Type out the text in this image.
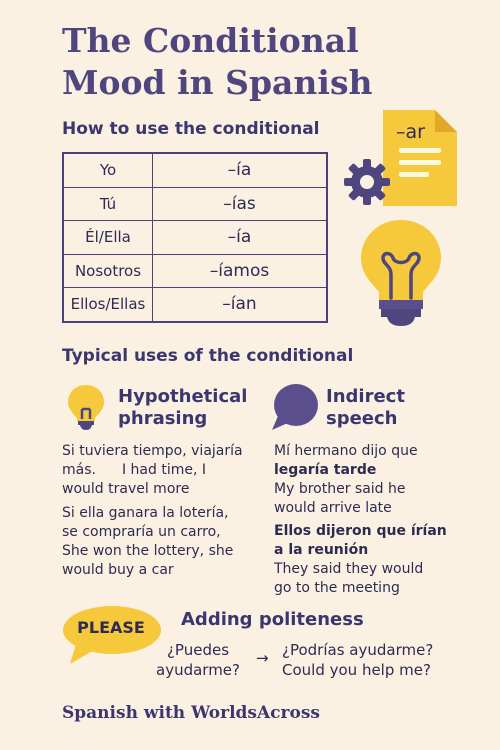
The Conditional
Mood in Spanish
How to use the conditional
Yo	–ía
Tú	–ías
Él/Ella	–ía
Nosotros	–íamos
Ellos/Ellas	–ían
–ar
Typical uses of the conditional
Hypothetical
phrasing
Si tuviera tiempo, viajaría
más. I had time, I
would travel more
Si ella ganara la lotería,
se compraría un carro,
She won the lottery, she
would buy a car
Indirect
speech
Mí hermano dijo que
legaría tarde
My brother said he
would arrive late
Ellos dijeron que írían
a la reunión
They said they would
go to the meeting
PLEASE	Adding politeness
¿Puedes
ayudarme?
→ ¿Podrías ayudarme?
Could you help me?
Spanish with WorldsAcross
